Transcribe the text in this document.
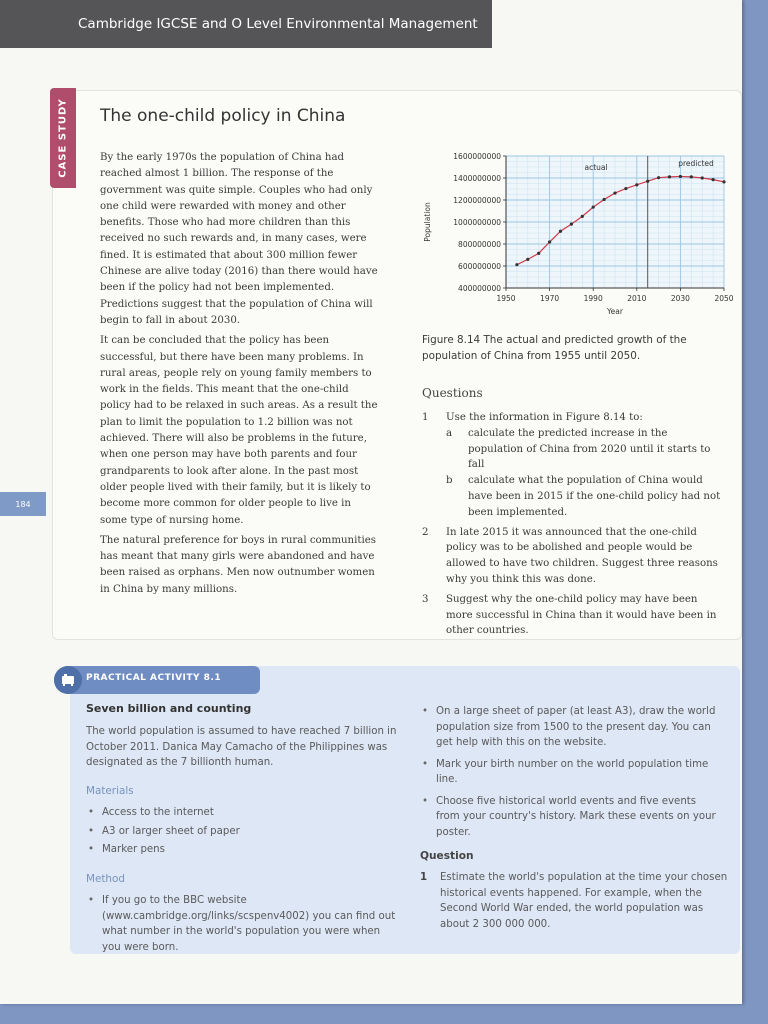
Cambridge IGCSE and O Level Environmental Management
CASE STUDY The one-child policy in China

By the early 1970s the population of China had reached almost 1 billion. The response of the government was quite simple. Couples who had only one child were rewarded with money and other benefits. Those who had more children than this received no such rewards and, in many cases, were fined. It is estimated that about 300 million fewer Chinese are alive today (2016) than there would have been if the policy had not been implemented. Predictions suggest that the population of China will begin to fall in about 2030.

It can be concluded that the policy has been successful, but there have been many problems. In rural areas, people rely on young family members to work in the fields. This meant that the one-child policy had to be relaxed in such areas. As a result the plan to limit the population to 1.2 billion was not achieved. There will also be problems in the future, when one person may have both parents and four grandparents to look after alone. In the past most older people lived with their family, but it is likely to become more common for older people to live in some type of nursing home.

The natural preference for boys in rural communities has meant that many girls were abandoned and have been raised as orphans. Men now outnumber women in China by many millions.

184
400000000
600000000
800000000
1000000000
1200000000
1400000000
1600000000
1950	1970	1990	2010	2030	2050
Year
Population
actual	predicted
Figure 8.14 The actual and predicted growth of the population of China from 1955 until 2050.
Questions
1 Use the information in Figure 8.14 to:
a calculate the predicted increase in the population of China from 2020 until it starts to fall
b calculate what the population of China would have been in 2015 if the one-child policy had not been implemented.
2 In late 2015 it was announced that the one-child policy was to be abolished and people would be allowed to have two children. Suggest three reasons why you think this was done.
3 Suggest why the one-child policy may have been more successful in China than it would have been in other countries.
PRACTICAL ACTIVITY 8.1
Seven billion and counting
The world population is assumed to have reached 7 billion in October 2011. Danica May Camacho of the Philippines was designated as the 7 billionth human.
Materials
• Access to the internet
• A3 or larger sheet of paper
• Marker pens
Method
• If you go to the BBC website (www.cambridge.org/links/scspenv4002) you can find out what number in the world's population you were when you were born.
• On a large sheet of paper (at least A3), draw the world population size from 1500 to the present day. You can get help with this on the website.
• Mark your birth number on the world population time line.
• Choose five historical world events and five events from your country's history. Mark these events on your poster.
Question
1 Estimate the world's population at the time your chosen historical events happened. For example, when the Second World War ended, the world population was about 2 300 000 000.
